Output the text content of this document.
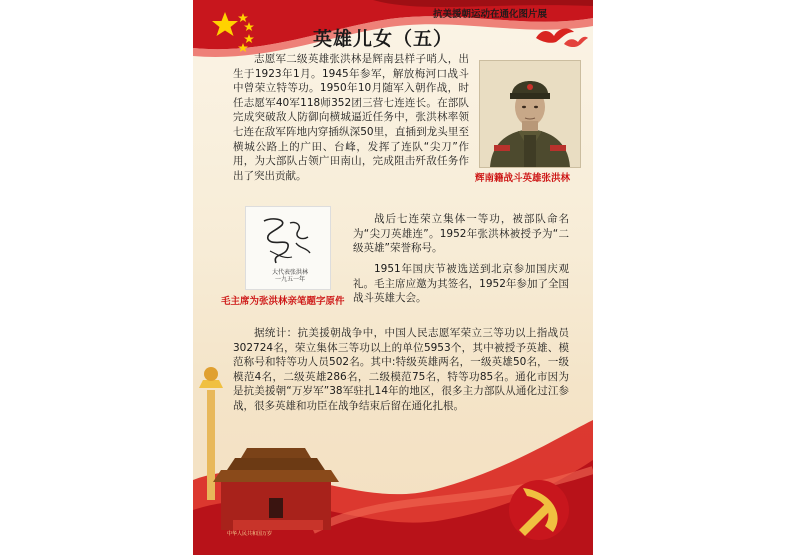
抗美援朝运动在通化图片展
英雄儿女（五）

志愿军二级英雄张洪林是辉南县样子哨人，出生于1923年1月。1945年参军，解放梅河口战斗中曾荣立特等功。1950年10月随军入朝作战，时任志愿军40军118师352团三营七连连长。在部队完成突破敌人防御向横城逼近任务中，张洪林率领七连在敌军阵地内穿插纵深50里，直插到龙头里至横城公路上的广田、台峰，发挥了连队“尖刀”作用，为大部队占领广田南山，完成阻击歼敌任务作出了突出贡献。	辉南籍战斗英雄张洪林
大代表张洪林 一九五一年
毛主席为张洪林亲笔题字原件

战后七连荣立集体一等功，被部队命名为“尖刀英雄连”。1952年张洪林被授予为“二级英雄”荣誉称号。

1951年国庆节被选送到北京参加国庆观礼。毛主席应邀为其签名，1952年参加了全国战斗英雄大会。

据统计：抗美援朝战争中，中国人民志愿军荣立三等功以上指战员302724名，荣立集体三等功以上的单位5953个，其中被授予英雄、模范称号和特等功人员502名。其中:特级英雄两名，一级英雄50名，一级模范4名，二级英雄286名，二级模范75名，特等功85名。通化市因为是抗美援朝“万岁军”38军驻扎14年的地区，很多主力部队从通化过江参战，很多英雄和功臣在战争结束后留在通化扎根。

中华人民共和国万岁
